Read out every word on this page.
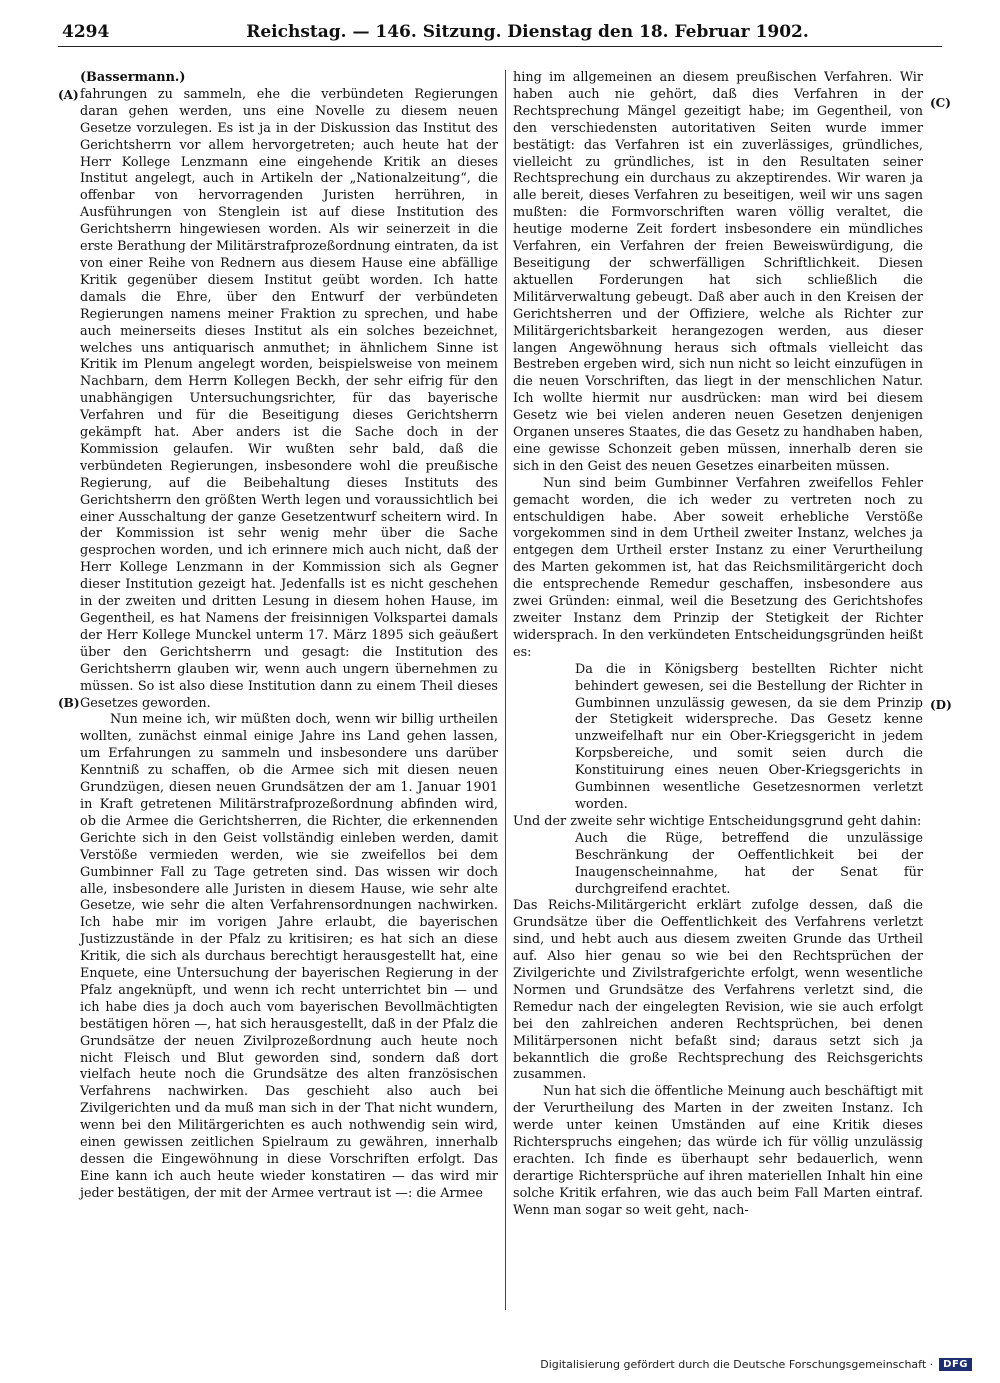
4294	Reichstag. — 146. Sitzung. Dienstag den 18. Februar 1902.
(A)
(B)
(C)
(D)

(Bassermann.)

fahrungen zu sammeln, ehe die verbündeten Regierungen daran gehen werden, uns eine Novelle zu diesem neuen Gesetze vorzulegen. Es ist ja in der Diskussion das Institut des Gerichtsherrn vor allem hervorgetreten; auch heute hat der Herr Kollege Lenzmann eine eingehende Kritik an dieses Institut angelegt, auch in Artikeln der „Nationalzeitung“, die offenbar von hervorragenden Juristen herrühren, in Ausführungen von Stenglein ist auf diese Institution des Gerichtsherrn hingewiesen worden. Als wir seinerzeit in die erste Berathung der Militärstrafprozeßordnung eintraten, da ist von einer Reihe von Rednern aus diesem Hause eine abfällige Kritik gegenüber diesem Institut geübt worden. Ich hatte damals die Ehre, über den Entwurf der verbündeten Regierungen namens meiner Fraktion zu sprechen, und habe auch meinerseits dieses Institut als ein solches bezeichnet, welches uns antiquarisch anmuthet; in ähnlichem Sinne ist Kritik im Plenum angelegt worden, beispielsweise von meinem Nachbarn, dem Herrn Kollegen Beckh, der sehr eifrig für den unabhängigen Untersuchungsrichter, für das bayerische Verfahren und für die Beseitigung dieses Gerichtsherrn gekämpft hat. Aber anders ist die Sache doch in der Kommission gelaufen. Wir wußten sehr bald, daß die verbündeten Regierungen, insbesondere wohl die preußische Regierung, auf die Beibehaltung dieses Instituts des Gerichtsherrn den größten Werth legen und voraussichtlich bei einer Ausschaltung der ganze Gesetzentwurf scheitern wird. In der Kommission ist sehr wenig mehr über die Sache gesprochen worden, und ich erinnere mich auch nicht, daß der Herr Kollege Lenzmann in der Kommission sich als Gegner dieser Institution gezeigt hat. Jedenfalls ist es nicht geschehen in der zweiten und dritten Lesung in diesem hohen Hause, im Gegentheil, es hat Namens der freisinnigen Volkspartei damals der Herr Kollege Munckel unterm 17. März 1895 sich geäußert über den Gerichtsherrn und gesagt: die Institution des Gerichtsherrn glauben wir, wenn auch ungern übernehmen zu müssen. So ist also diese Institution dann zu einem Theil dieses Gesetzes geworden.

Nun meine ich, wir müßten doch, wenn wir billig urtheilen wollten, zunächst einmal einige Jahre ins Land gehen lassen, um Erfahrungen zu sammeln und insbesondere uns darüber Kenntniß zu schaffen, ob die Armee sich mit diesen neuen Grundzügen, diesen neuen Grundsätzen der am 1. Januar 1901 in Kraft getretenen Militärstrafprozeßordnung abfinden wird, ob die Armee die Gerichtsherren, die Richter, die erkennenden Gerichte sich in den Geist vollständig einleben werden, damit Verstöße vermieden werden, wie sie zweifellos bei dem Gumbinner Fall zu Tage getreten sind. Das wissen wir doch alle, insbesondere alle Juristen in diesem Hause, wie sehr alte Gesetze, wie sehr die alten Verfahrensordnungen nachwirken. Ich habe mir im vorigen Jahre erlaubt, die bayerischen Justizzustände in der Pfalz zu kritisiren; es hat sich an diese Kritik, die sich als durchaus berechtigt herausgestellt hat, eine Enquete, eine Untersuchung der bayerischen Regierung in der Pfalz angeknüpft, und wenn ich recht unterrichtet bin — und ich habe dies ja doch auch vom bayerischen Bevollmächtigten bestätigen hören —, hat sich herausgestellt, daß in der Pfalz die Grundsätze der neuen Zivilprozeßordnung auch heute noch nicht Fleisch und Blut geworden sind, sondern daß dort vielfach heute noch die Grundsätze des alten französischen Verfahrens nachwirken. Das geschieht also auch bei Zivilgerichten und da muß man sich in der That nicht wundern, wenn bei den Militärgerichten es auch nothwendig sein wird, einen gewissen zeitlichen Spielraum zu gewähren, innerhalb dessen die Eingewöhnung in diese Vorschriften erfolgt. Das Eine kann ich auch heute wieder konstatiren — das wird mir jeder bestätigen, der mit der Armee vertraut ist —: die Armee

hing im allgemeinen an diesem preußischen Verfahren. Wir haben auch nie gehört, daß dies Verfahren in der Rechtsprechung Mängel gezeitigt habe; im Gegentheil, von den verschiedensten autoritativen Seiten wurde immer bestätigt: das Verfahren ist ein zuverlässiges, gründliches, vielleicht zu gründliches, ist in den Resultaten seiner Rechtsprechung ein durchaus zu akzeptirendes. Wir waren ja alle bereit, dieses Verfahren zu beseitigen, weil wir uns sagen mußten: die Formvorschriften waren völlig veraltet, die heutige moderne Zeit fordert insbesondere ein mündliches Verfahren, ein Verfahren der freien Beweiswürdigung, die Beseitigung der schwerfälligen Schriftlichkeit. Diesen aktuellen Forderungen hat sich schließlich die Militärverwaltung gebeugt. Daß aber auch in den Kreisen der Gerichtsherren und der Offiziere, welche als Richter zur Militärgerichtsbarkeit herangezogen werden, aus dieser langen Angewöhnung heraus sich oftmals vielleicht das Bestreben ergeben wird, sich nun nicht so leicht einzufügen in die neuen Vorschriften, das liegt in der menschlichen Natur. Ich wollte hiermit nur ausdrücken: man wird bei diesem Gesetz wie bei vielen anderen neuen Gesetzen denjenigen Organen unseres Staates, die das Gesetz zu handhaben haben, eine gewisse Schonzeit geben müssen, innerhalb deren sie sich in den Geist des neuen Gesetzes einarbeiten müssen.

Nun sind beim Gumbinner Verfahren zweifellos Fehler gemacht worden, die ich weder zu vertreten noch zu entschuldigen habe. Aber soweit erhebliche Verstöße vorgekommen sind in dem Urtheil zweiter Instanz, welches ja entgegen dem Urtheil erster Instanz zu einer Verurtheilung des Marten gekommen ist, hat das Reichsmilitärgericht doch die entsprechende Remedur geschaffen, insbesondere aus zwei Gründen: einmal, weil die Besetzung des Gerichtshofes zweiter Instanz dem Prinzip der Stetigkeit der Richter widersprach. In den verkündeten Entscheidungsgründen heißt es:

Da die in Königsberg bestellten Richter nicht behindert gewesen, sei die Bestellung der Richter in Gumbinnen unzulässig gewesen, da sie dem Prinzip der Stetigkeit widerspreche. Das Gesetz kenne unzweifelhaft nur ein Ober-Kriegsgericht in jedem Korpsbereiche, und somit seien durch die Konstituirung eines neuen Ober-Kriegsgerichts in Gumbinnen wesentliche Gesetzesnormen verletzt worden.

Und der zweite sehr wichtige Entscheidungsgrund geht dahin:

Auch die Rüge, betreffend die unzulässige Beschränkung der Oeffentlichkeit bei der Inaugenscheinnahme, hat der Senat für durchgreifend erachtet.

Das Reichs-Militärgericht erklärt zufolge dessen, daß die Grundsätze über die Oeffentlichkeit des Verfahrens verletzt sind, und hebt auch aus diesem zweiten Grunde das Urtheil auf. Also hier genau so wie bei den Rechtsprüchen der Zivilgerichte und Zivilstrafgerichte erfolgt, wenn wesentliche Normen und Grundsätze des Verfahrens verletzt sind, die Remedur nach der eingelegten Revision, wie sie auch erfolgt bei den zahlreichen anderen Rechtsprüchen, bei denen Militärpersonen nicht befaßt sind; daraus setzt sich ja bekanntlich die große Rechtsprechung des Reichsgerichts zusammen.

Nun hat sich die öffentliche Meinung auch beschäftigt mit der Verurtheilung des Marten in der zweiten Instanz. Ich werde unter keinen Umständen auf eine Kritik dieses Richterspruchs eingehen; das würde ich für völlig unzulässig erachten. Ich finde es überhaupt sehr bedauerlich, wenn derartige Richtersprüche auf ihren materiellen Inhalt hin eine solche Kritik erfahren, wie das auch beim Fall Marten eintraf. Wenn man sogar so weit geht, nach-

Digitalisierung gefördert durch die Deutsche Forschungsgemeinschaft ·	DFG
